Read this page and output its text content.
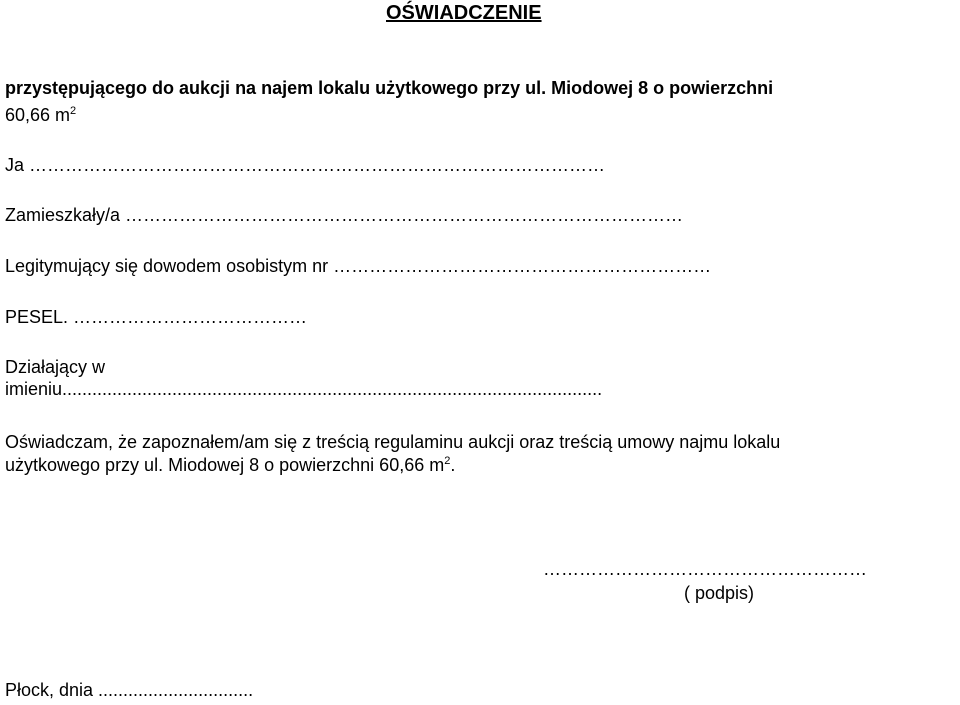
OŚWIADCZENIE
przystępującego do aukcji na najem lokalu użytkowego przy ul. Miodowej 8 o powierzchni
60,66 $m^2$
Ja ……………………………………………………………………………………
Zamieszkały/a …………………………………………………………………………………
Legitymujący się dowodem osobistym nr ………………………………………………………
PESEL. …………………………………
Działający w
imieniu............................................................................................................
Oświadczam, że zapoznałem/am się z treścią regulaminu aukcji oraz treścią umowy najmu lokalu
użytkowego przy ul. Miodowej 8 o powierzchni 60,66 $m^2$.
………………………………………………
( podpis)
Płock, dnia ...............................
